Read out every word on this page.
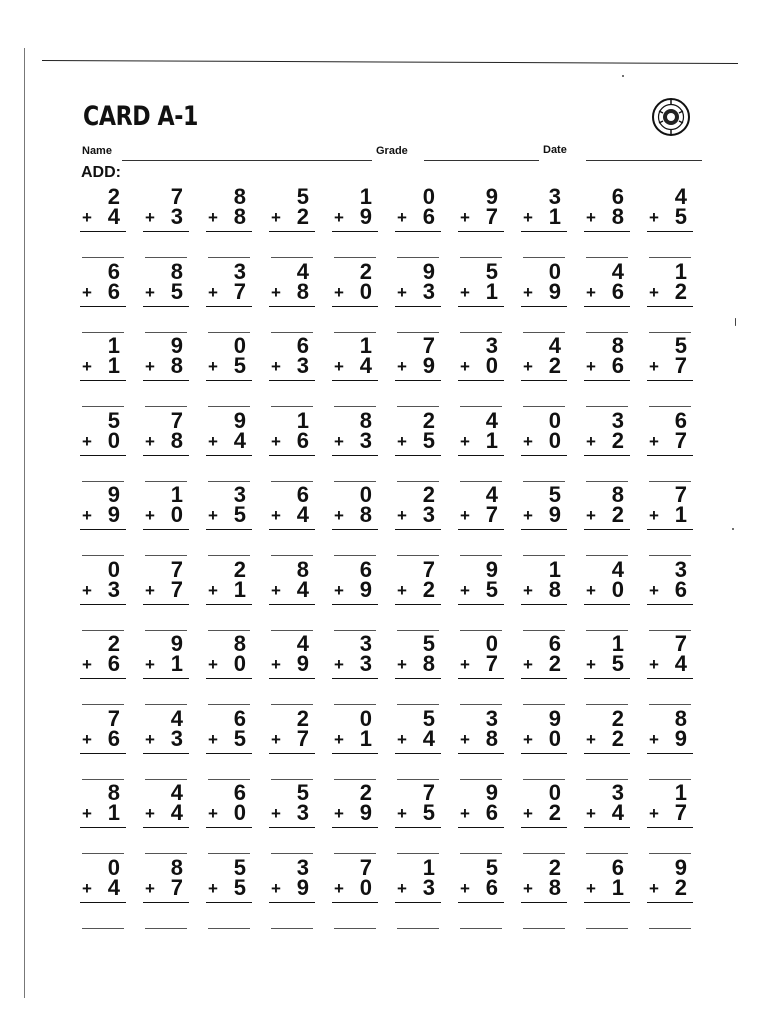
CARD A-1
Name	Grade	Date
ADD:
2
+ 4
7
+ 3
8
+ 8
5
+ 2
1
+ 9
0
+ 6
9
+ 7
3
+ 1
6
+ 8
4
+ 5
6
+ 6
8
+ 5
3
+ 7
4
+ 8
2
+ 0
9
+ 3
5
+ 1
0
+ 9
4
+ 6
1
+ 2
1
+ 1
9
+ 8
0
+ 5
6
+ 3
1
+ 4
7
+ 9
3
+ 0
4
+ 2
8
+ 6
5
+ 7
5
+ 0
7
+ 8
9
+ 4
1
+ 6
8
+ 3
2
+ 5
4
+ 1
0
+ 0
3
+ 2
6
+ 7
9
+ 9
1
+ 0
3
+ 5
6
+ 4
0
+ 8
2
+ 3
4
+ 7
5
+ 9
8
+ 2
7
+ 1
0
+ 3
7
+ 7
2
+ 1
8
+ 4
6
+ 9
7
+ 2
9
+ 5
1
+ 8
4
+ 0
3
+ 6
2
+ 6
9
+ 1
8
+ 0
4
+ 9
3
+ 3
5
+ 8
0
+ 7
6
+ 2
1
+ 5
7
+ 4
7
+ 6
4
+ 3
6
+ 5
2
+ 7
0
+ 1
5
+ 4
3
+ 8
9
+ 0
2
+ 2
8
+ 9
8
+ 1
4
+ 4
6
+ 0
5
+ 3
2
+ 9
7
+ 5
9
+ 6
0
+ 2
3
+ 4
1
+ 7
0
+ 4
8
+ 7
5
+ 5
3
+ 9
7
+ 0
1
+ 3
5
+ 6
2
+ 8
6
+ 1
9
+ 2
